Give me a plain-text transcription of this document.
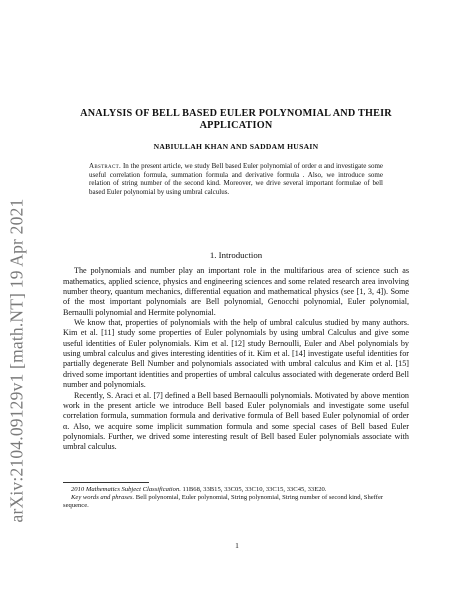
arXiv:2104.09129v1 [math.NT] 19 Apr 2021
ANALYSIS OF BELL BASED EULER POLYNOMIAL AND THEIR APPLICATION
NABIULLAH KHAN AND SADDAM HUSAIN
Abstract. In the present article, we study Bell based Euler polynomial of order α and investigate some useful correlation formula, summation formula and derivative formula . Also, we introduce some relation of string number of the second kind. Moreover, we drive several important formulae of bell based Euler polynomial by using umbral calculus.
1. Introduction

The polynomials and number play an important role in the multifarious area of science such as mathematics, applied science, physics and engineering sciences and some related research area involving number theory, quantum mechanics, differential equation and mathematical physics (see [1, 3, 4]). Some of the most important polynomials are Bell polynomial, Genocchi polynomial, Euler polynomial, Bernaulli polynomial and Hermite polynomial.

We know that, properties of polynomials with the help of umbral calculus studied by many authors. Kim et al. [11] study some properties of Euler polynomials by using umbral Calculus and give some useful identities of Euler polynomials. Kim et al. [12] study Bernoulli, Euler and Abel polynomials by using umbral calculus and gives interesting identities of it. Kim et al. [14] investigate useful identities for partially degenerate Bell Number and polynomials associated with umbral calculus and Kim et al. [15] drived some important identities and properties of umbral calculus associated with degenerate orderd Bell number and polynomials.

Recently, S. Araci et al. [7] defined a Bell based Bernaoulli polynomials. Motivated by above mention work in the present article we introduce Bell based Euler polynomials and investigate some useful correlation formula, summation formula and derivative formula of Bell based Euler polynomial of order α. Also, we acquire some implicit summation formula and some special cases of Bell based Euler polynomials. Further, we drived some interesting result of Bell based Euler polynomials associate with umbral calculus.

2010 Mathematics Subject Classification. 11B68, 33B15, 33C05, 33C10, 33C15, 33C45, 33E20.

Key words and phrases. Bell polynomial, Euler polynomial, String polynomial, String number of second kind, Sheffer sequence.

1
